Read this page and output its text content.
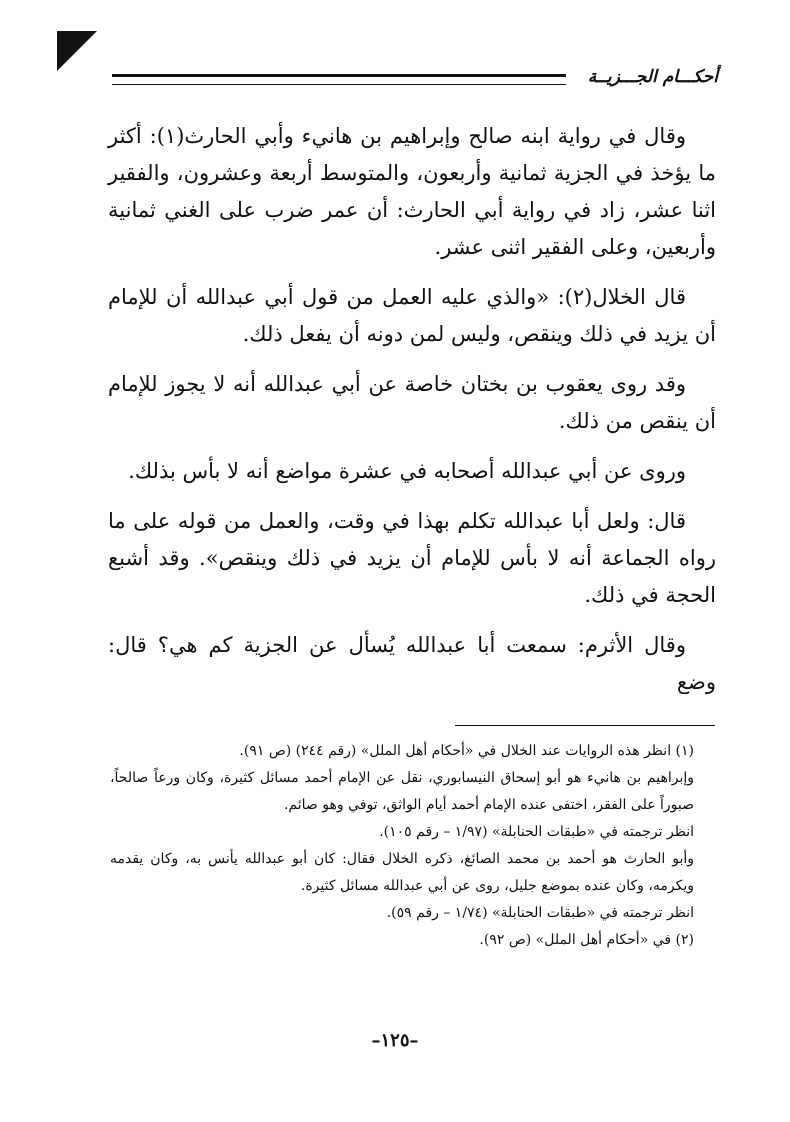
أحكـــام الجـــزيــة

وقال في رواية ابنه صالح وإبراهيم بن هانيء وأبي الحارث(١): أكثر ما يؤخذ في الجزية ثمانية وأربعون، والمتوسط أربعة وعشرون، والفقير اثنا عشر، زاد في رواية أبي الحارث: أن عمر ضرب على الغني ثمانية وأربعين، وعلى الفقير اثنى عشر.

قال الخلال(٢): «والذي عليه العمل من قول أبي عبدالله أن للإمام أن يزيد في ذلك وينقص، وليس لمن دونه أن يفعل ذلك.

وقد روى يعقوب بن بختان خاصة عن أبي عبدالله أنه لا يجوز للإمام أن ينقص من ذلك.

وروى عن أبي عبدالله أصحابه في عشرة مواضع أنه لا بأس بذلك.

قال: ولعل أبا عبدالله تكلم بهذا في وقت، والعمل من قوله على ما رواه الجماعة أنه لا بأس للإمام أن يزيد في ذلك وينقص». وقد أشبع الحجة في ذلك.

وقال الأثرم: سمعت أبا عبدالله يُسأل عن الجزية كم هي؟ قال: وضع

(١) انظر هذه الروايات عند الخلال في «أحكام أهل الملل» (رقم ٢٤٤) (ص ٩١).

وإبراهيم بن هانيء هو أبو إسحاق النيسابوري، نقل عن الإمام أحمد مسائل كثيرة، وكان ورعاً صالحاً، صبوراً على الفقر، اختفى عنده الإمام أحمد أيام الواثق، توفي وهو صائم.

انظر ترجمته في «طبقات الحنابلة» (١/٩٧ – رقم ١٠٥).

وأبو الحارث هو أحمد بن محمد الصائغ، ذكره الخلال فقال: كان أبو عبدالله يأنس به، وكان يقدمه ويكرمه، وكان عنده بموضع جليل، روى عن أبي عبدالله مسائل كثيرة.

انظر ترجمته في «طبقات الحنابلة» (١/٧٤ – رقم ٥٩).

(٢) في «أحكام أهل الملل» (ص ٩٢).

–١٢٥–
